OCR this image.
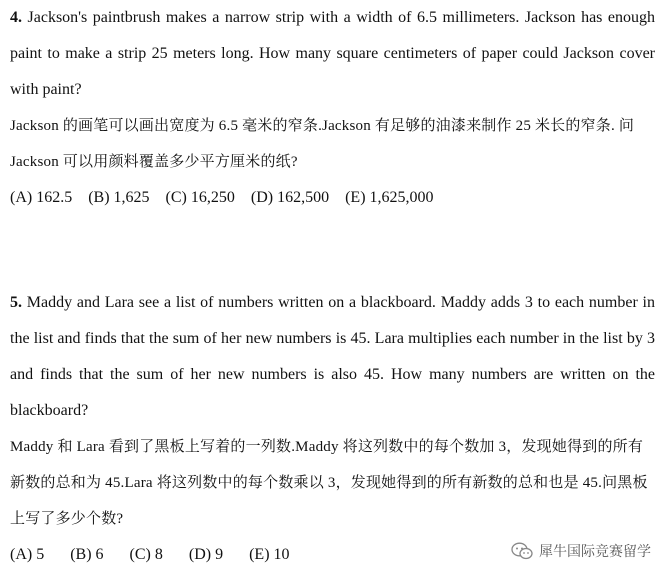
4. Jackson's paintbrush makes a narrow strip with a width of 6.5 millimeters. Jackson has enough paint to make a strip 25 meters long. How many square centimeters of paper could Jackson cover with paint?
Jackson 的画笔可以画出宽度为 6.5 毫米的窄条.Jackson 有足够的油漆来制作 25 米长的窄条. 问 Jackson 可以用颜料覆盖多少平方厘米的纸?
(A) 162.5 (B) 1,625 (C) 16,250 (D) 162,500 (E) 1,625,000
5. Maddy and Lara see a list of numbers written on a blackboard. Maddy adds 3 to each number in the list and finds that the sum of her new numbers is 45. Lara multiplies each number in the list by 3 and finds that the sum of her new numbers is also 45. How many numbers are written on the blackboard?
Maddy 和 Lara 看到了黑板上写着的一列数.Maddy 将这列数中的每个数加 3，发现她得到的所有新数的总和为 45.Lara 将这列数中的每个数乘以 3，发现她得到的所有新数的总和也是 45.问黑板上写了多少个数?
(A) 5 (B) 6 (C) 8 (D) 9 (E) 10	犀牛国际竞赛留学
